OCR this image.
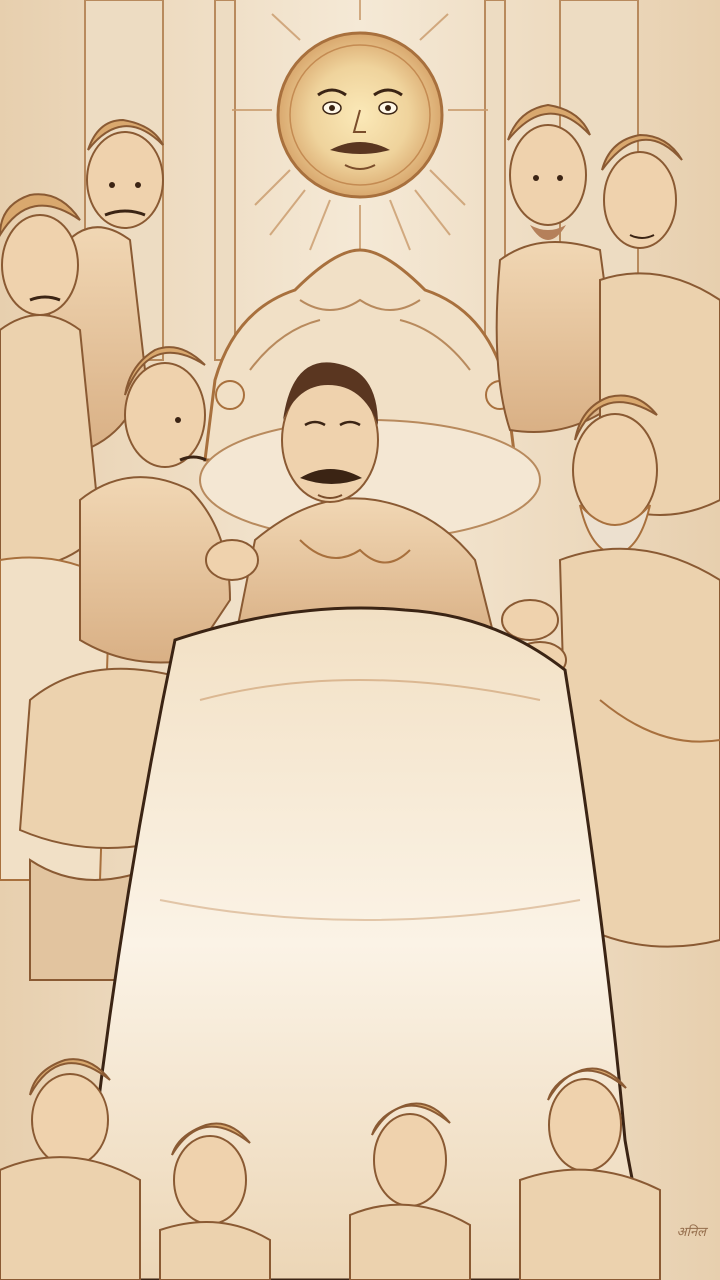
अनिल
